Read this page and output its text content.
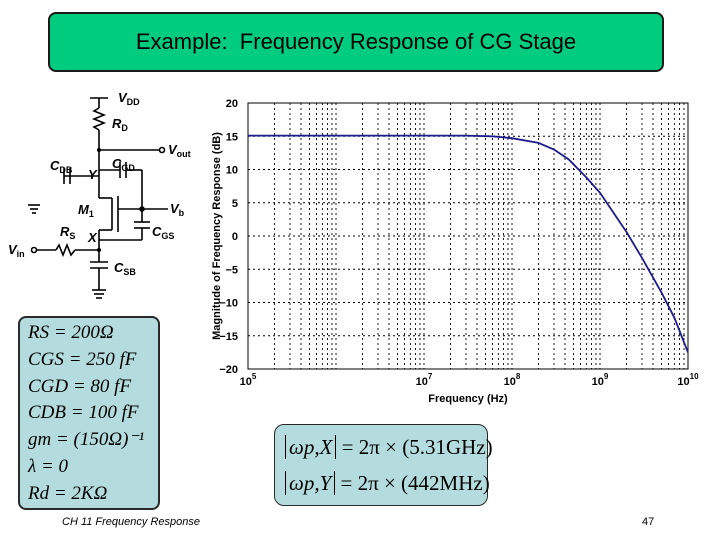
Example:  Frequency Response of CG Stage
$V_{DD}$
$R_D$
$V_{out}$
$C_{DB}$ Y
$C_{GD}$
$M_1$	$V_b$
$R_S$ X	$C_{GS}$
$V_{in}$
$C_{SB}$
20
15
10
5
0
−5
−10
−15
−20
$10^5$	$10^7$	$10^8$	$10^9$	$10^{10}$
Magnitude of Frequency Response (dB)
Frequency (Hz)
RS = 200Ω
CGS = 250 fF
CGD = 80 fF
CDB = 100 fF
gm = (150Ω)⁻¹
λ = 0
Rd = 2KΩ
ωp,X = 2π × (5.31GHz)
ωp,Y = 2π × (442MHz)
CH 11 Frequency Response	47
